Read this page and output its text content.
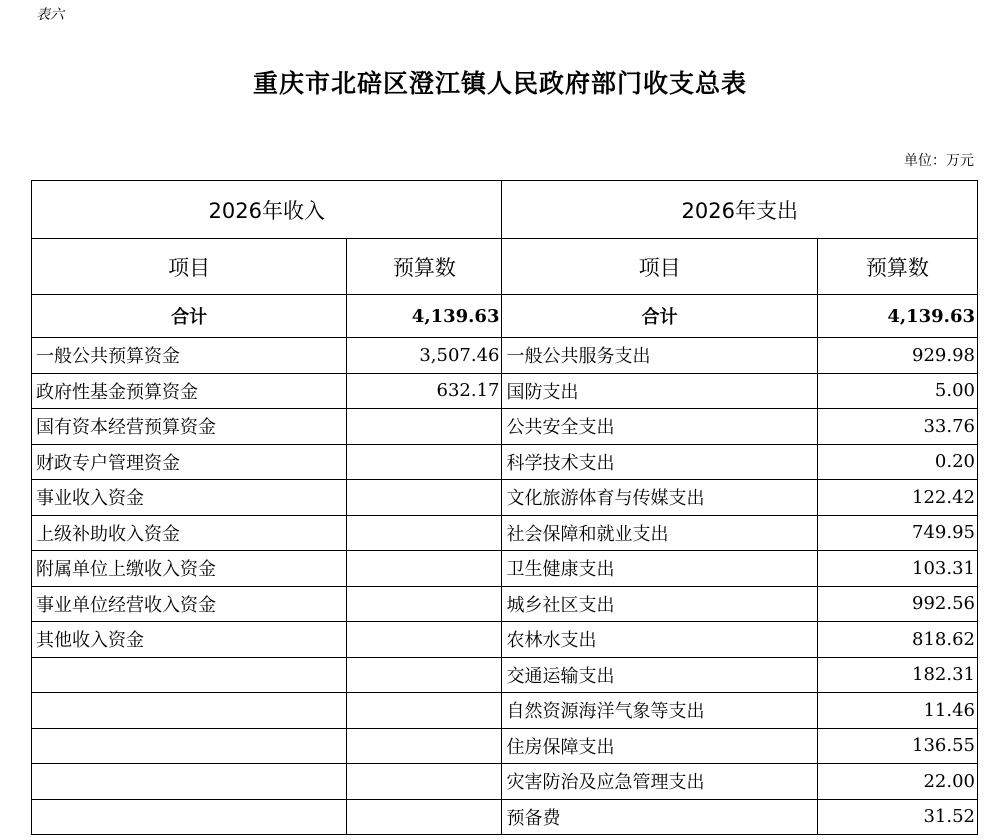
表六
重庆市北碚区澄江镇人民政府部门收支总表
单位：万元
2026年收入		2026年支出	
项目	预算数	项目	预算数
合计	4,139.63	合计	4,139.63
一般公共预算资金	3,507.46	一般公共服务支出	929.98
政府性基金预算资金	632.17	国防支出	5.00
国有资本经营预算资金		公共安全支出	33.76
财政专户管理资金		科学技术支出	0.20
事业收入资金		文化旅游体育与传媒支出	122.42
上级补助收入资金		社会保障和就业支出	749.95
附属单位上缴收入资金		卫生健康支出	103.31
事业单位经营收入资金		城乡社区支出	992.56
其他收入资金		农林水支出	818.62
		交通运输支出	182.31
		自然资源海洋气象等支出	11.46
		住房保障支出	136.55
		灾害防治及应急管理支出	22.00
		预备费	31.52
